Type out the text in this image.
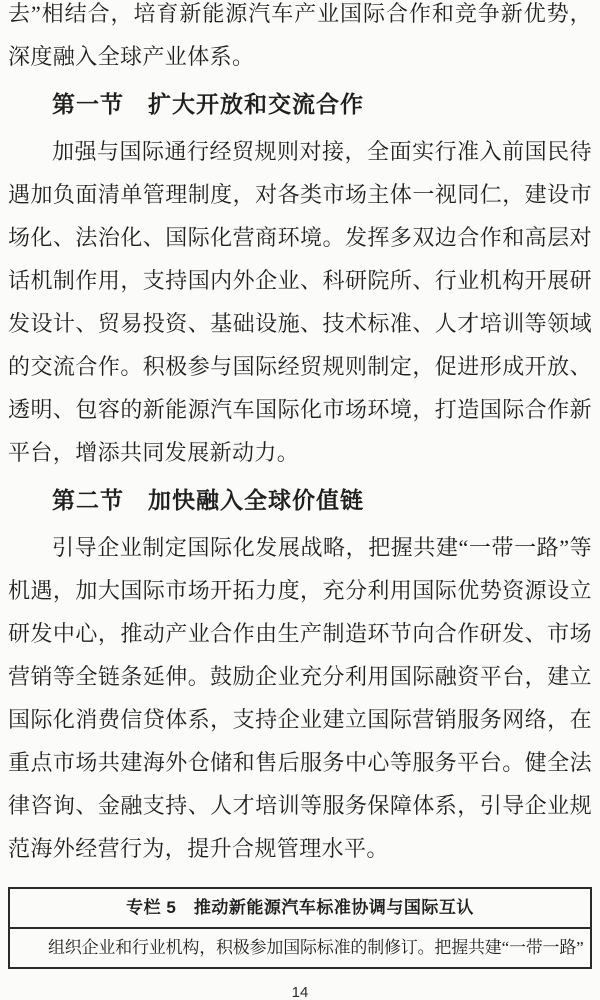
去”相结合，培育新能源汽车产业国际合作和竞争新优势，深度融入全球产业体系。

第一节　扩大开放和交流合作

加强与国际通行经贸规则对接，全面实行准入前国民待遇加负面清单管理制度，对各类市场主体一视同仁，建设市场化、法治化、国际化营商环境。发挥多双边合作和高层对话机制作用，支持国内外企业、科研院所、行业机构开展研发设计、贸易投资、基础设施、技术标准、人才培训等领域的交流合作。积极参与国际经贸规则制定，促进形成开放、透明、包容的新能源汽车国际化市场环境，打造国际合作新平台，增添共同发展新动力。

第二节　加快融入全球价值链

引导企业制定国际化发展战略，把握共建“一带一路”等机遇，加大国际市场开拓力度，充分利用国际优势资源设立研发中心，推动产业合作由生产制造环节向合作研发、市场营销等全链条延伸。鼓励企业充分利用国际融资平台，建立国际化消费信贷体系，支持企业建立国际营销服务网络，在重点市场共建海外仓储和售后服务中心等服务平台。健全法律咨询、金融支持、人才培训等服务保障体系，引导企业规范海外经营行为，提升合规管理水平。

专栏 5　推动新能源汽车标准协调与国际互认
组织企业和行业机构，积极参加国际标准的制修订。把握共建“一带一路”
14
